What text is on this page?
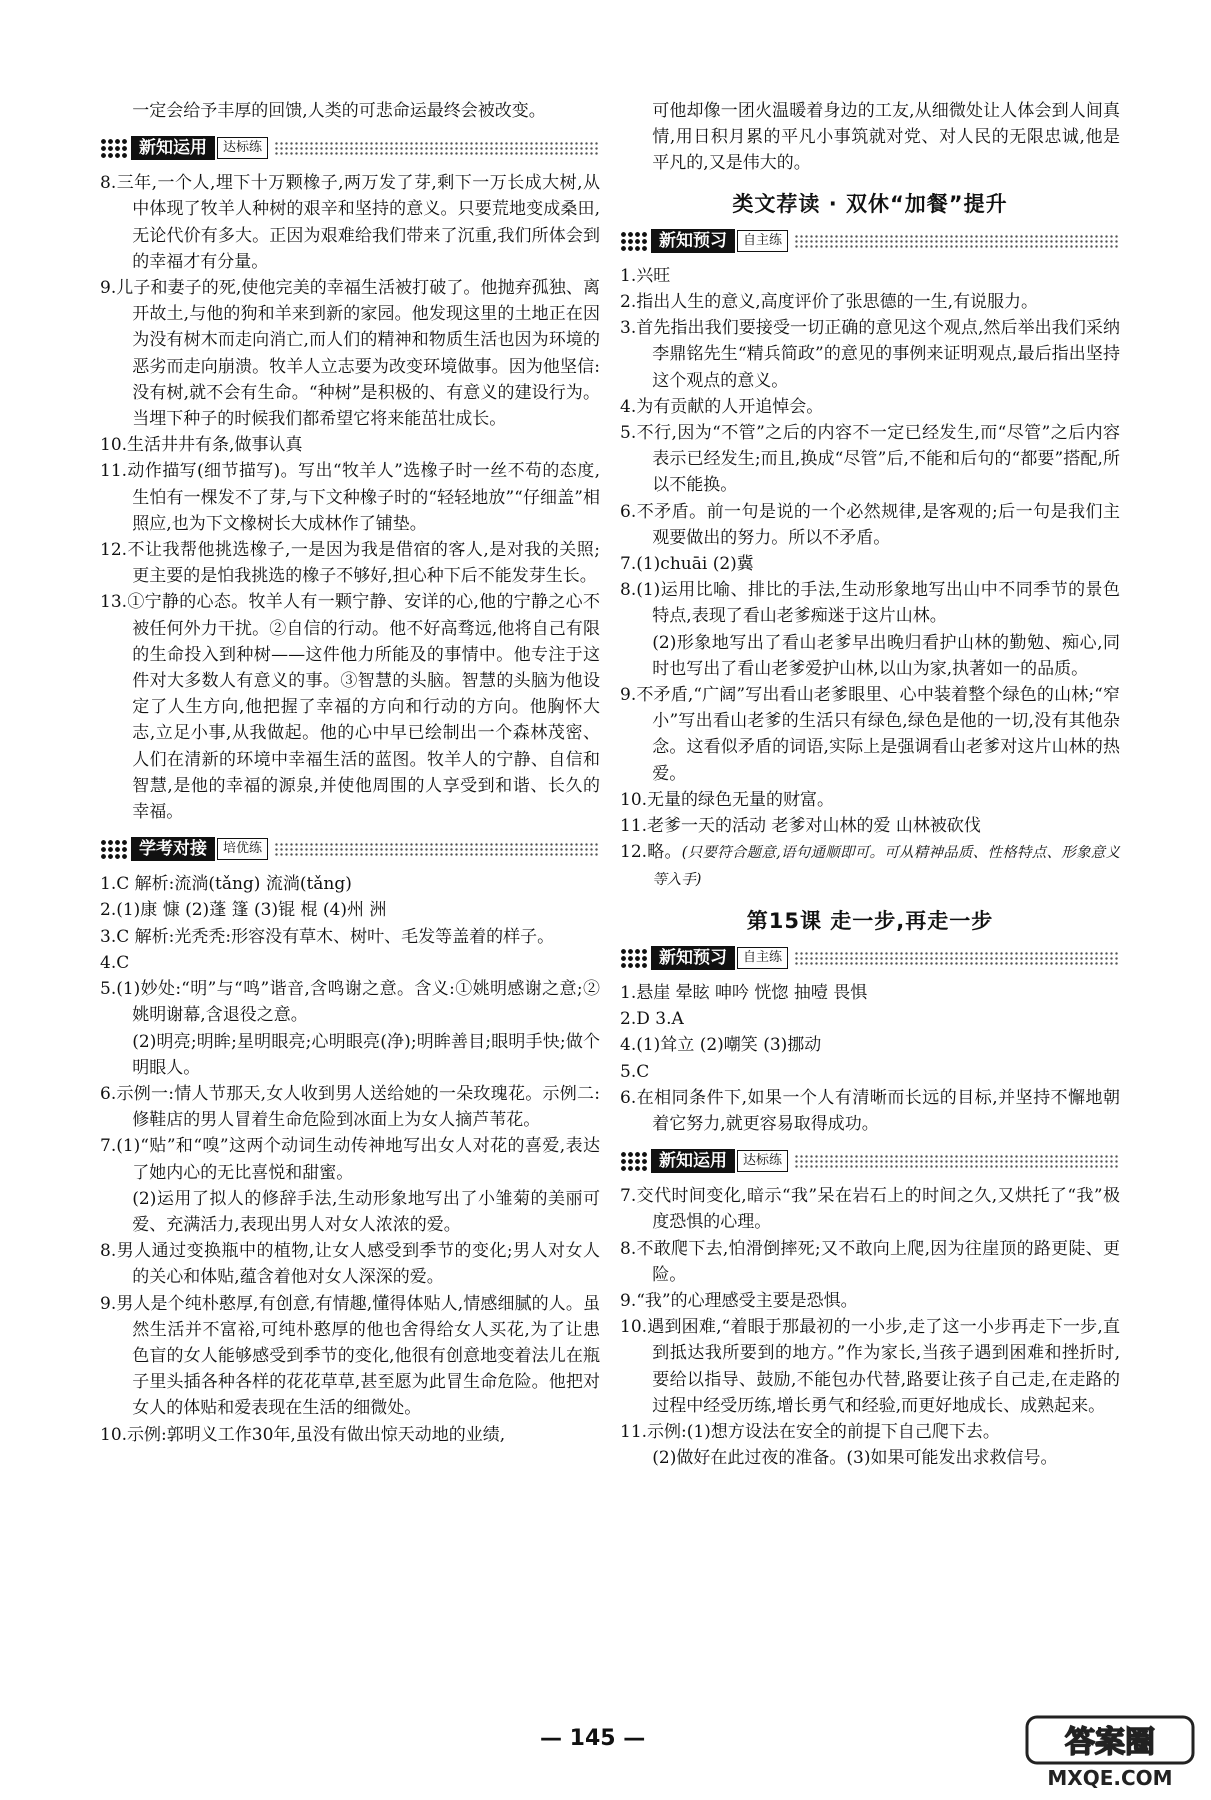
一定会给予丰厚的回馈,人类的可悲命运最终会被改变。

新知运用	达标练

8.三年,一个人,埋下十万颗橡子,两万发了芽,剩下一万长成大树,从中体现了牧羊人种树的艰辛和坚持的意义。只要荒地变成桑田,无论代价有多大。正因为艰难给我们带来了沉重,我们所体会到的幸福才有分量。

9.儿子和妻子的死,使他完美的幸福生活被打破了。他抛弃孤独、离开故土,与他的狗和羊来到新的家园。他发现这里的土地正在因为没有树木而走向消亡,而人们的精神和物质生活也因为环境的恶劣而走向崩溃。牧羊人立志要为改变环境做事。因为他坚信:没有树,就不会有生命。“种树”是积极的、有意义的建设行为。当埋下种子的时候我们都希望它将来能茁壮成长。

10.生活井井有条,做事认真

11.动作描写(细节描写)。写出“牧羊人”选橡子时一丝不苟的态度,生怕有一棵发不了芽,与下文种橡子时的“轻轻地放”“仔细盖”相照应,也为下文橡树长大成林作了铺垫。

12.不让我帮他挑选橡子,一是因为我是借宿的客人,是对我的关照;更主要的是怕我挑选的橡子不够好,担心种下后不能发芽生长。

13.①宁静的心态。牧羊人有一颗宁静、安详的心,他的宁静之心不被任何外力干扰。②自信的行动。他不好高骛远,他将自己有限的生命投入到种树——这件他力所能及的事情中。他专注于这件对大多数人有意义的事。③智慧的头脑。智慧的头脑为他设定了人生方向,他把握了幸福的方向和行动的方向。他胸怀大志,立足小事,从我做起。他的心中早已绘制出一个森林茂密、人们在清新的环境中幸福生活的蓝图。牧羊人的宁静、自信和智慧,是他的幸福的源泉,并使他周围的人享受到和谐、长久的幸福。

学考对接	培优练

1.C 解析:流淌(tǎng) 流淌(tǎng)

2.(1)康 慷 (2)蓬 篷 (3)锟 棍 (4)州 洲

3.C 解析:光秃秃:形容没有草木、树叶、毛发等盖着的样子。

4.C

5.(1)妙处:“明”与“鸣”谐音,含鸣谢之意。含义:①姚明感谢之意;②姚明谢幕,含退役之意。

(2)明亮;明眸;星明眼亮;心明眼亮(净);明眸善目;眼明手快;做个明眼人。

6.示例一:情人节那天,女人收到男人送给她的一朵玫瑰花。示例二:修鞋店的男人冒着生命危险到冰面上为女人摘芦苇花。

7.(1)“贴”和“嗅”这两个动词生动传神地写出女人对花的喜爱,表达了她内心的无比喜悦和甜蜜。

(2)运用了拟人的修辞手法,生动形象地写出了小雏菊的美丽可爱、充满活力,表现出男人对女人浓浓的爱。

8.男人通过变换瓶中的植物,让女人感受到季节的变化;男人对女人的关心和体贴,蕴含着他对女人深深的爱。

9.男人是个纯朴憨厚,有创意,有情趣,懂得体贴人,情感细腻的人。虽然生活并不富裕,可纯朴憨厚的他也舍得给女人买花,为了让患色盲的女人能够感受到季节的变化,他很有创意地变着法儿在瓶子里头插各种各样的花花草草,甚至愿为此冒生命危险。他把对女人的体贴和爱表现在生活的细微处。

10.示例:郭明义工作30年,虽没有做出惊天动地的业绩,

可他却像一团火温暖着身边的工友,从细微处让人体会到人间真情,用日积月累的平凡小事筑就对党、对人民的无限忠诚,他是平凡的,又是伟大的。

类文荐读 · 双休“加餐”提升
新知预习	自主练

1.兴旺

2.指出人生的意义,高度评价了张思德的一生,有说服力。

3.首先指出我们要接受一切正确的意见这个观点,然后举出我们采纳李鼎铭先生“精兵简政”的意见的事例来证明观点,最后指出坚持这个观点的意义。

4.为有贡献的人开追悼会。

5.不行,因为“不管”之后的内容不一定已经发生,而“尽管”之后内容表示已经发生;而且,换成“尽管”后,不能和后句的“都要”搭配,所以不能换。

6.不矛盾。前一句是说的一个必然规律,是客观的;后一句是我们主观要做出的努力。所以不矛盾。

7.(1)chuāi (2)冀

8.(1)运用比喻、排比的手法,生动形象地写出山中不同季节的景色特点,表现了看山老爹痴迷于这片山林。

(2)形象地写出了看山老爹早出晚归看护山林的勤勉、痴心,同时也写出了看山老爹爱护山林,以山为家,执著如一的品质。

9.不矛盾,“广阔”写出看山老爹眼里、心中装着整个绿色的山林;“窄小”写出看山老爹的生活只有绿色,绿色是他的一切,没有其他杂念。这看似矛盾的词语,实际上是强调看山老爹对这片山林的热爱。

10.无量的绿色无量的财富。

11.老爹一天的活动 老爹对山林的爱 山林被砍伐

12.略。(只要符合题意,语句通顺即可。可从精神品质、性格特点、形象意义等入手)

第15课 走一步,再走一步
新知预习	自主练

1.悬崖 晕眩 呻吟 恍惚 抽噎 畏惧

2.D 3.A

4.(1)耸立 (2)嘲笑 (3)挪动

5.C

6.在相同条件下,如果一个人有清晰而长远的目标,并坚持不懈地朝着它努力,就更容易取得成功。

新知运用	达标练

7.交代时间变化,暗示“我”呆在岩石上的时间之久,又烘托了“我”极度恐惧的心理。

8.不敢爬下去,怕滑倒摔死;又不敢向上爬,因为往崖顶的路更陡、更险。

9.“我”的心理感受主要是恐惧。

10.遇到困难,“着眼于那最初的一小步,走了这一小步再走下一步,直到抵达我所要到的地方。”作为家长,当孩子遇到困难和挫折时,要给以指导、鼓励,不能包办代替,路要让孩子自己走,在走路的过程中经受历练,增长勇气和经验,而更好地成长、成熟起来。

11.示例:(1)想方设法在安全的前提下自己爬下去。

(2)做好在此过夜的准备。(3)如果可能发出求救信号。

— 145 —	答案圈
MXQE.COM
